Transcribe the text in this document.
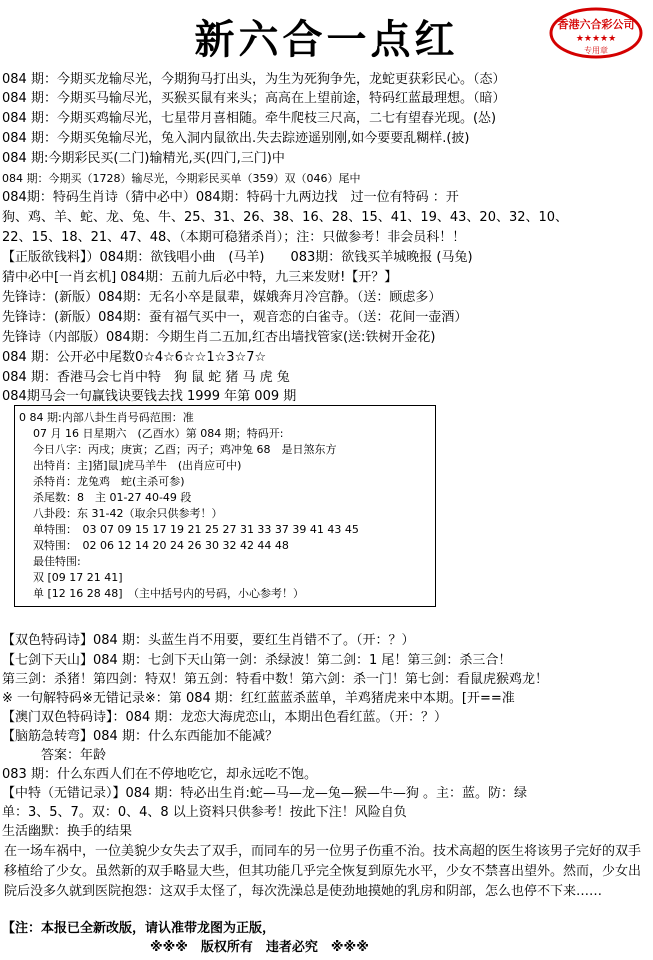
新六合一点红	香港六合彩公司
★★★★★
专用章
084 期：今期买龙输尽光，今期狗马打出头，为生为死狗争先，龙蛇更获彩民心。（态）
084 期：今期买马输尽光，买猴买鼠有来头；高高在上望前途，特码红蓝最理想。（暗）
084 期：今期买鸡输尽光，七星带月喜相随。牵牛爬枝三尺高，二七有望春光现。(怂)
084 期：今期买兔输尽光，兔入洞内鼠欲出.失去踪迹遥别刚,如今要要乱糊样.(披)
084 期:今期彩民买(二门)输精光,买(四门,三门)中
084 期：今期买（1728）输尽光，今期彩民买单（359）双（046）尾中
084期：特码生肖诗（猜中必中）084期：特码十九两边找　过一位有特码 ：开
狗、鸡、羊、蛇、龙、兔、牛、25、31、26、38、16、28、15、41、19、43、20、32、10、
22、15、18、21、47、48、（本期可稳猪杀肖）；注：只做参考！非会员科！！
【正版欲钱料】）084期：欲钱唱小曲　(马羊)　　083期：欲钱买羊城晚报 (马兔)
猜中必中[一肖玄机] 084期：五前九后必中特，九三来发财!【开？】
先锋诗：(新版）084期：无名小卒是鼠辈，媒娥奔月冷宫静。（送：顾虑多）
先锋诗：(新版）084期：蚕有福气买中一，观音恋的白雀寺。（送：花间一壶酒）
先锋诗（内部版）084期：今期生肖二五加,红杏出墙找管家(送:铁树开金花)
084 期：公开必中尾数0☆4☆6☆☆1☆3☆7☆
084 期：香港马会七肖中特　狗 鼠 蛇 猪 马 虎 兔
084期马会一句赢钱诀要钱去找 1999 年第 009 期
0 84 期:内部八卦生肖号码范围：准
07 月 16 日星期六　(乙酉水）第 084 期；特码开:
今日八字：丙戌；庚寅；乙酉；丙子；鸡冲兔 68　是日煞东方
出特肖：主]猪]鼠]虎马羊牛　(出肖应可中)
杀特肖：龙兔鸡　蛇(主杀可参)
杀尾数：8　主 01-27 40-49 段
八卦段：东 31-42（取余只供参考！）
单特围：　03 07 09 15 17 19 21 25 27 31 33 37 39 41 43 45
双特围：　02 06 12 14 20 24 26 30 32 42 44 48
最佳特围:
双 [09 17 21 41]
单 [12 16 28 48]　（主中括号内的号码，小心参考！）
【双色特码诗】084 期：头蓝生肖不用要，要红生肖错不了。（开：？）
【七剑下天山】084 期：七剑下天山第一剑：杀绿波！第二剑：1 尾！第三剑：杀三合！
第三剑：杀猪！第四剑：特双！第五剑：特看中数！第六剑：杀一门！第七剑：看鼠虎猴鸡龙！
※ 一句解特码※无错记录※：第 084 期：红红蓝蓝杀蓝单，羊鸡猪虎来中本期。[开==准
【澳门双色特码诗】：084 期：龙恋大海虎恋山，本期出色看红蓝。（开：？）
【脑筋急转弯】084 期：什么东西能加不能减？
　　　答案：年龄
083 期：什么东西人们在不停地吃它，却永远吃不饱。
【中特（无错记录）】084 期：特必出生肖:蛇—马—龙—兔—猴—牛—狗 。主：蓝。防：绿
单：3、5、7。双：0、4、8 以上资料只供参考！按此下注！风险自负
生活幽默：换手的结果
在一场车祸中，一位美貌少女失去了双手，而同车的另一位男子伤重不治。技术高超的医生将该男子完好的双手移植给了少女。虽然新的双手略显大些，但其功能几乎完全恢复到原先水平，少女不禁喜出望外。然而，少女出院后没多久就到医院抱怨：这双手太怪了，每次洗澡总是使劲地摸她的乳房和阴部，怎么也停不下来……
【注：本报已全新改版，请认准带龙图为正版，
※※※　版权所有　违者必究　※※※
